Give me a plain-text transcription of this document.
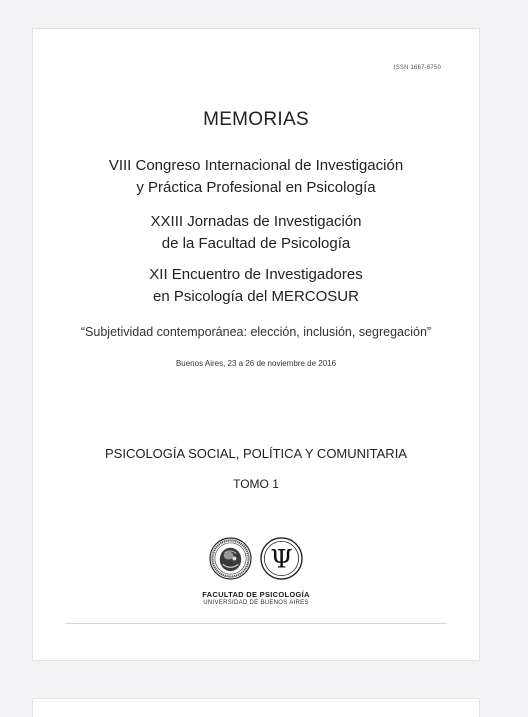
ISSN 1667-6750
MEMORIAS
VIII Congreso Internacional de Investigación
y Práctica Profesional en Psicología
XXIII Jornadas de Investigación
de la Facultad de Psicología
XII Encuentro de Investigadores
en Psicología del MERCOSUR
“Subjetividad contemporánea: elección, inclusión, segregación”
Buenos Aires, 23 a 26 de noviembre de 2016
PSICOLOGÍA SOCIAL, POLÍTICA Y COMUNITARIA
TOMO 1
Ψ
FACULTAD DE PSICOLOGÍA
UNIVERSIDAD DE BUENOS AIRES
